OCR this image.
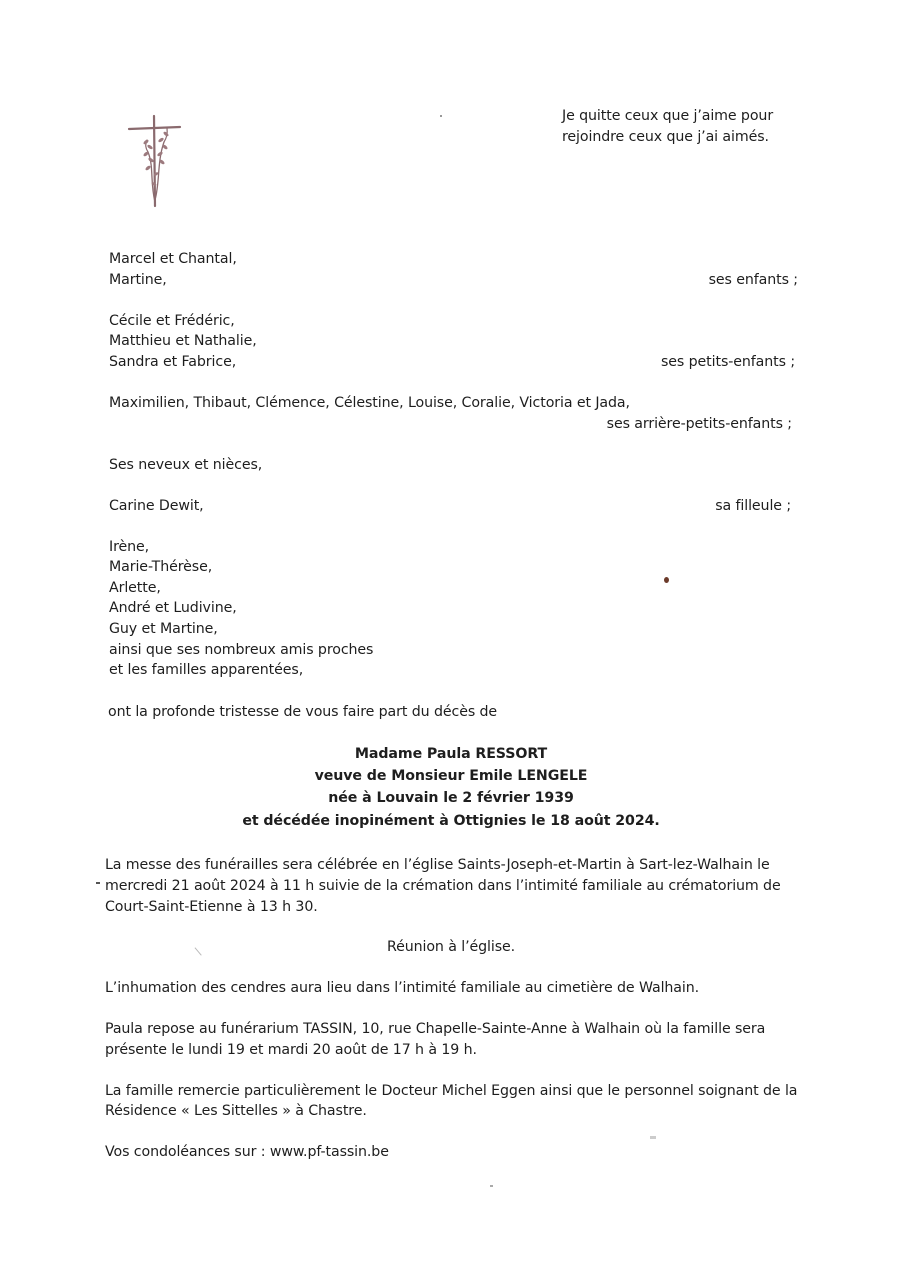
Je quitte ceux que j’aime pour
rejoindre ceux que j’ai aimés.
Marcel et Chantal,
Martine,	ses enfants ;
Cécile et Frédéric,
Matthieu et Nathalie,
Sandra et Fabrice,	ses petits-enfants ;
Maximilien, Thibaut, Clémence, Célestine, Louise, Coralie, Victoria et Jada,
ses arrière-petits-enfants ;
Ses neveux et nièces,
Carine Dewit,	sa filleule ;
Irène,
Marie-Thérèse,
Arlette,
André et Ludivine,
Guy et Martine,
ainsi que ses nombreux amis proches
et les familles apparentées,
ont la profonde tristesse de vous faire part du décès de
Madame Paula RESSORT
veuve de Monsieur Emile LENGELE
née à Louvain le 2 février 1939
et décédée inopinément à Ottignies le 18 août 2024.
La messe des funérailles sera célébrée en l’église Saints-Joseph-et-Martin à Sart-lez-Walhain le
mercredi 21 août 2024 à 11 h suivie de la crémation dans l’intimité familiale au crématorium de
Court-Saint-Etienne à 13 h 30.
Réunion à l’église.
L’inhumation des cendres aura lieu dans l’intimité familiale au cimetière de Walhain.
Paula repose au funérarium TASSIN, 10, rue Chapelle-Sainte-Anne à Walhain où la famille sera
présente le lundi 19 et mardi 20 août de 17 h à 19 h.
La famille remercie particulièrement le Docteur Michel Eggen ainsi que le personnel soignant de la
Résidence « Les Sittelles » à Chastre.
Vos condoléances sur : www.pf-tassin.be
